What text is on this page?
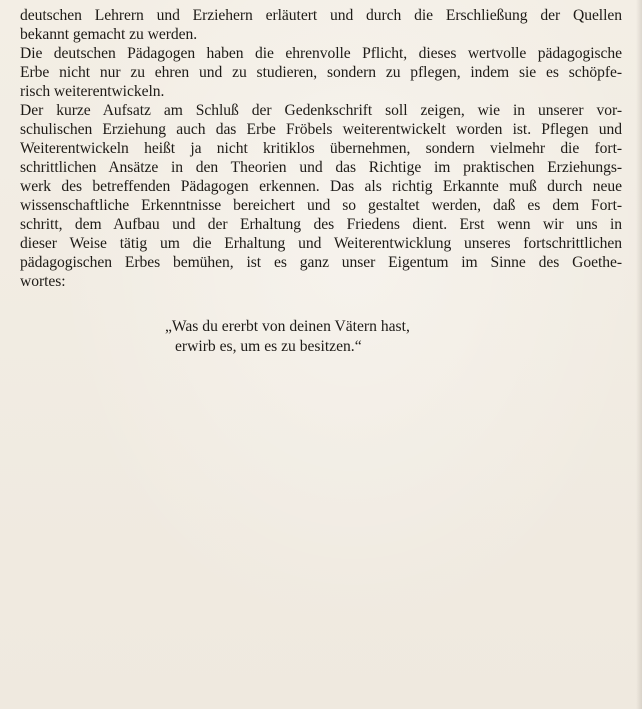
deutschen Lehrern und Erziehern erläutert und durch die Erschließung der Quellen
bekannt gemacht zu werden.
Die deutschen Pädagogen haben die ehrenvolle Pflicht, dieses wertvolle pädagogische
Erbe nicht nur zu ehren und zu studieren, sondern zu pflegen, indem sie es schöpfe-
risch weiterentwickeln.
Der kurze Aufsatz am Schluß der Gedenkschrift soll zeigen, wie in unserer vor-
schulischen Erziehung auch das Erbe Fröbels weiterentwickelt worden ist. Pflegen und
Weiterentwickeln heißt ja nicht kritiklos übernehmen, sondern vielmehr die fort-
schrittlichen Ansätze in den Theorien und das Richtige im praktischen Erziehungs-
werk des betreffenden Pädagogen erkennen. Das als richtig Erkannte muß durch neue
wissenschaftliche Erkenntnisse bereichert und so gestaltet werden, daß es dem Fort-
schritt, dem Aufbau und der Erhaltung des Friedens dient. Erst wenn wir uns in
dieser Weise tätig um die Erhaltung und Weiterentwicklung unseres fortschrittlichen
pädagogischen Erbes bemühen, ist es ganz unser Eigentum im Sinne des Goethe-
wortes:
„Was du ererbt von deinen Vätern hast,
erwirb es, um es zu besitzen.“
